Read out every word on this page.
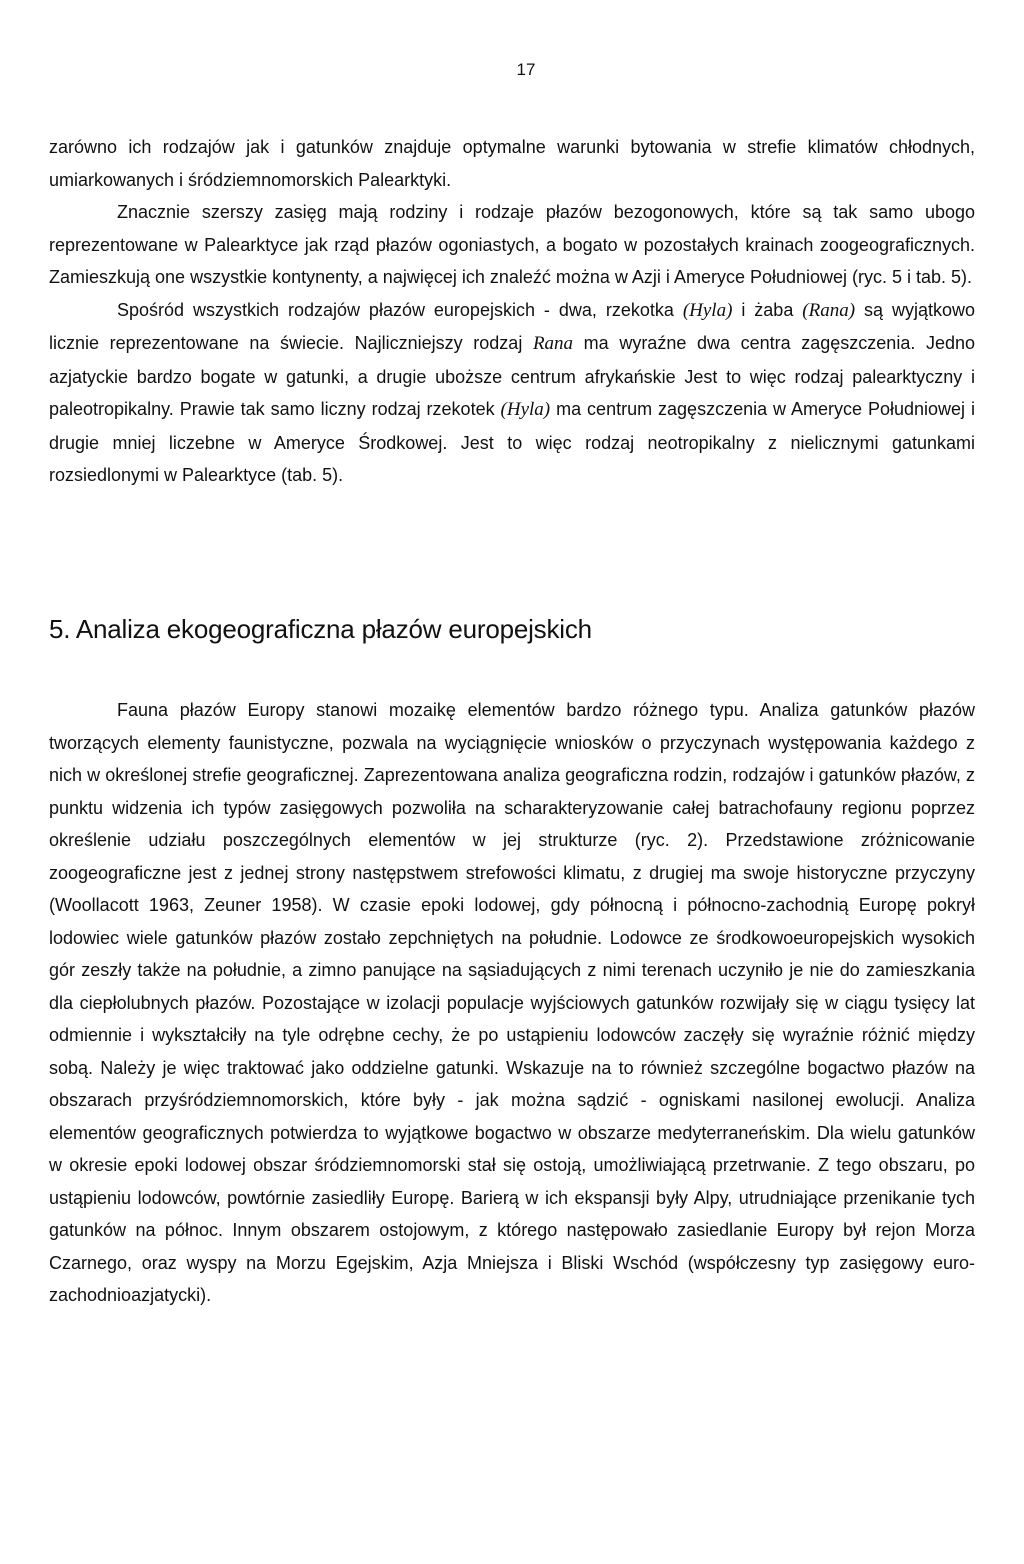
17

zarówno ich rodzajów jak i gatunków znajduje optymalne warunki bytowania w strefie klimatów chłodnych, umiarkowanych i śródziemnomorskich Palearktyki.

Znacznie szerszy zasięg mają rodziny i rodzaje płazów bezogonowych, które są tak samo ubogo reprezentowane w Palearktyce jak rząd płazów ogoniastych, a bogato w pozostałych krainach zoogeograficznych. Zamieszkują one wszystkie kontynenty, a najwięcej ich znaleźć można w Azji i Ameryce Południowej (ryc. 5 i tab. 5).

Spośród wszystkich rodzajów płazów europejskich - dwa, rzekotka (Hyla) i żaba (Rana) są wyjątkowo licznie reprezentowane na świecie. Najliczniejszy rodzaj Rana ma wyraźne dwa centra zagęszczenia. Jedno azjatyckie bardzo bogate w gatunki, a drugie uboższe centrum afrykańskie Jest to więc rodzaj palearktyczny i paleotropikalny. Prawie tak samo liczny rodzaj rzekotek (Hyla) ma centrum zagęszczenia w Ameryce Południowej i drugie mniej liczebne w Ameryce Środkowej. Jest to więc rodzaj neotropikalny z nielicznymi gatunkami rozsiedlonymi w Palearktyce (tab. 5).

5. Analiza ekogeograficzna płazów europejskich

Fauna płazów Europy stanowi mozaikę elementów bardzo różnego typu. Analiza gatunków płazów tworzących elementy faunistyczne, pozwala na wyciągnięcie wniosków o przyczynach występowania każdego z nich w określonej strefie geograficznej. Zaprezentowana analiza geograficzna rodzin, rodzajów i gatunków płazów, z punktu widzenia ich typów zasięgowych pozwoliła na scharakteryzowanie całej batrachofauny regionu poprzez określenie udziału poszczególnych elementów w jej strukturze (ryc. 2). Przedstawione zróżnicowanie zoogeograficzne jest z jednej strony następstwem strefowości klimatu, z drugiej ma swoje historyczne przyczyny (Woollacott 1963, Zeuner 1958). W czasie epoki lodowej, gdy północną i północno-zachodnią Europę pokrył lodowiec wiele gatunków płazów zostało zepchniętych na południe. Lodowce ze środkowoeuropejskich wysokich gór zeszły także na południe, a zimno panujące na sąsiadujących z nimi terenach uczyniło je nie do zamieszkania dla ciepłolubnych płazów. Pozostające w izolacji populacje wyjściowych gatunków rozwijały się w ciągu tysięcy lat odmiennie i wykształciły na tyle odrębne cechy, że po ustąpieniu lodowców zaczęły się wyraźnie różnić między sobą. Należy je więc traktować jako oddzielne gatunki. Wskazuje na to również szczególne bogactwo płazów na obszarach przyśródziemnomorskich, które były - jak można sądzić - ogniskami nasilonej ewolucji. Analiza elementów geograficznych potwierdza to wyjątkowe bogactwo w obszarze medyterraneńskim. Dla wielu gatunków w okresie epoki lodowej obszar śródziemnomorski stał się ostoją, umożliwiającą przetrwanie. Z tego obszaru, po ustąpieniu lodowców, powtórnie zasiedliły Europę. Barierą w ich ekspansji były Alpy, utrudniające przenikanie tych gatunków na północ. Innym obszarem ostojowym, z którego następowało zasiedlanie Europy był rejon Morza Czarnego, oraz wyspy na Morzu Egejskim, Azja Mniejsza i Bliski Wschód (współczesny typ zasięgowy euro-zachodnioazjatycki).
